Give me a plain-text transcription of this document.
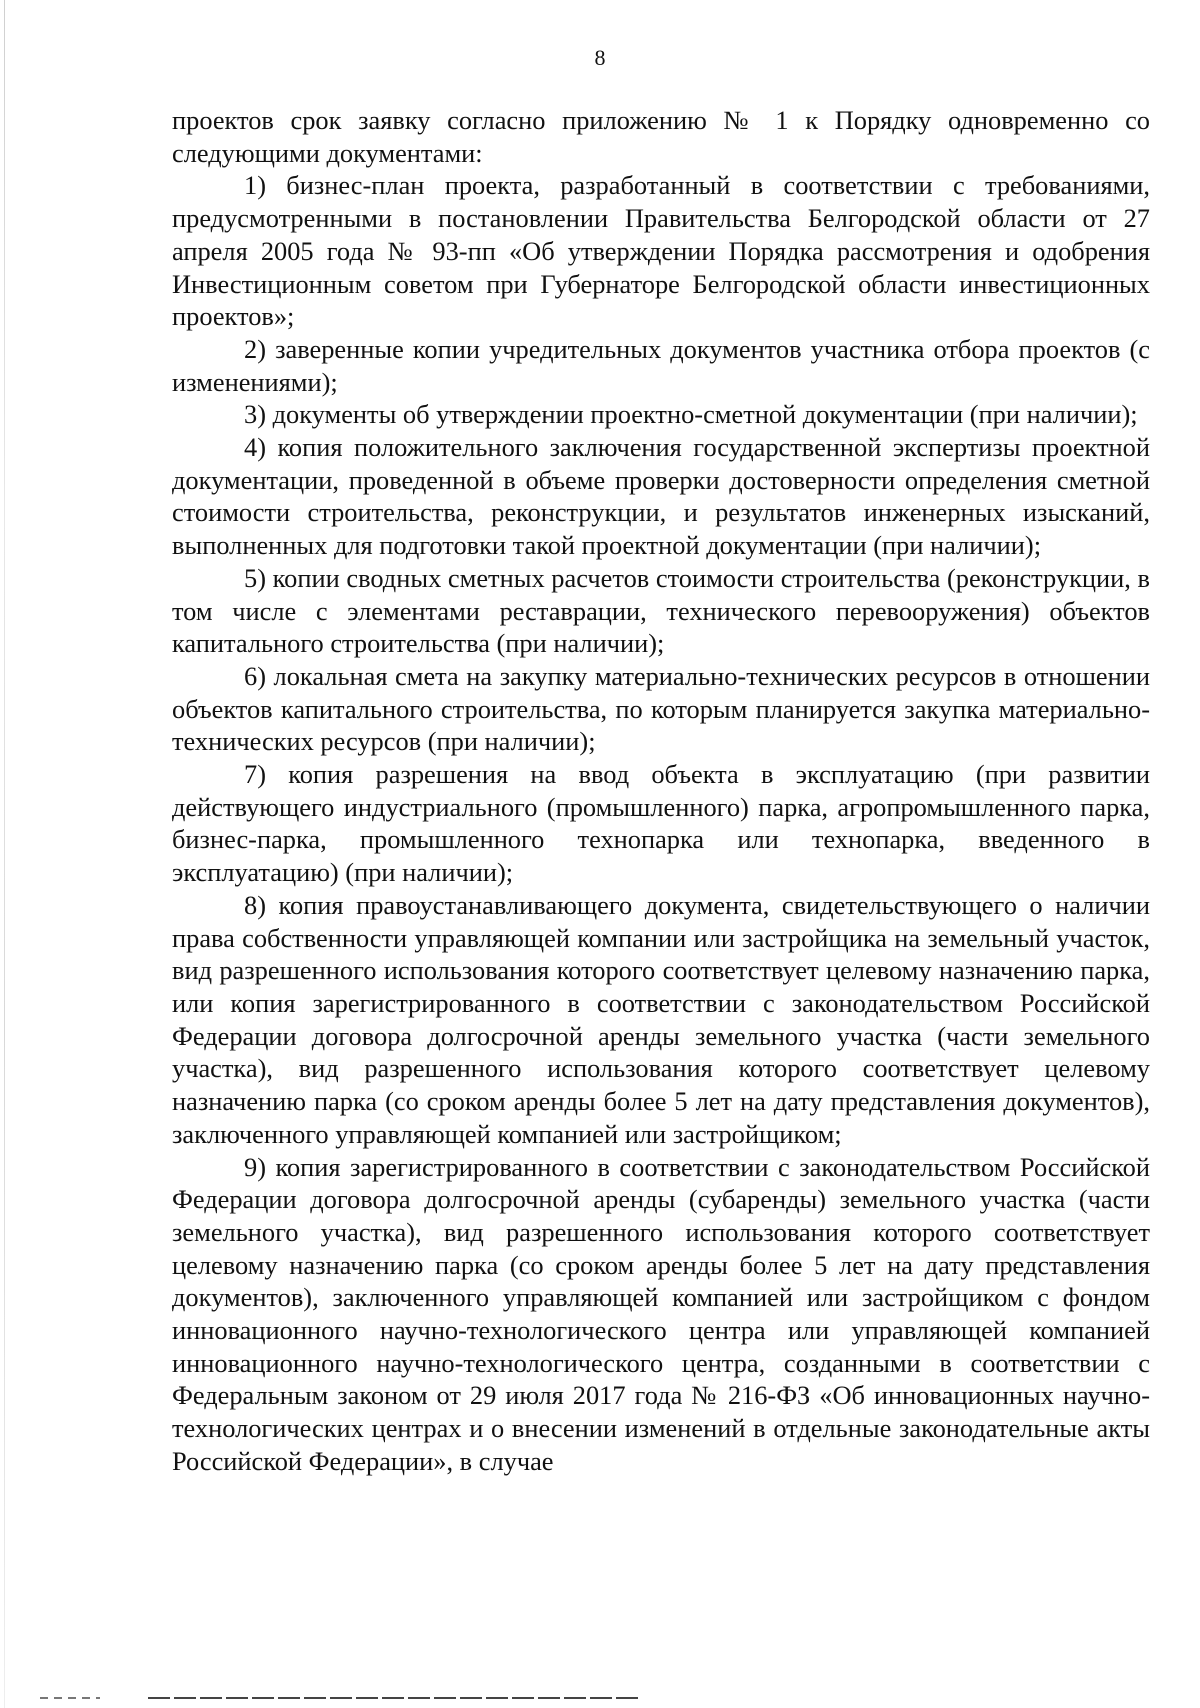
8

проектов срок заявку согласно приложению № 1 к Порядку одновременно со следующими документами:

1) бизнес-план проекта, разработанный в соответствии с требованиями, предусмотренными в постановлении Правительства Белгородской области от 27 апреля 2005 года № 93-пп «Об утверждении Порядка рассмотрения и одобрения Инвестиционным советом при Губернаторе Белгородской области инвестиционных проектов»;

2) заверенные копии учредительных документов участника отбора проектов (с изменениями);

3) документы об утверждении проектно-сметной документации (при наличии);

4) копия положительного заключения государственной экспертизы проектной документации, проведенной в объеме проверки достоверности определения сметной стоимости строительства, реконструкции, и результатов инженерных изысканий, выполненных для подготовки такой проектной документации (при наличии);

5) копии сводных сметных расчетов стоимости строительства (реконструкции, в том числе с элементами реставрации, технического перевооружения) объектов капитального строительства (при наличии);

6) локальная смета на закупку материально-технических ресурсов в отношении объектов капитального строительства, по которым планируется закупка материально-технических ресурсов (при наличии);

7) копия разрешения на ввод объекта в эксплуатацию (при развитии действующего индустриального (промышленного) парка, агропромышленного парка, бизнес-парка, промышленного технопарка или технопарка, введенного в эксплуатацию) (при наличии);

8) копия правоустанавливающего документа, свидетельствующего о наличии права собственности управляющей компании или застройщика на земельный участок, вид разрешенного использования которого соответствует целевому назначению парка, или копия зарегистрированного в соответствии с законодательством Российской Федерации договора долгосрочной аренды земельного участка (части земельного участка), вид разрешенного использования которого соответствует целевому назначению парка (со сроком аренды более 5 лет на дату представления документов), заключенного управляющей компанией или застройщиком;

9) копия зарегистрированного в соответствии с законодательством Российской Федерации договора долгосрочной аренды (субаренды) земельного участка (части земельного участка), вид разрешенного использования которого соответствует целевому назначению парка (со сроком аренды более 5 лет на дату представления документов), заключенного управляющей компанией или застройщиком с фондом инновационного научно-технологического центра или управляющей компанией инновационного научно-технологического центра, созданными в соответствии с Федеральным законом от 29 июля 2017 года № 216-ФЗ «Об инновационных научно-технологических центрах и о внесении изменений в отдельные законодательные акты Российской Федерации», в случае
